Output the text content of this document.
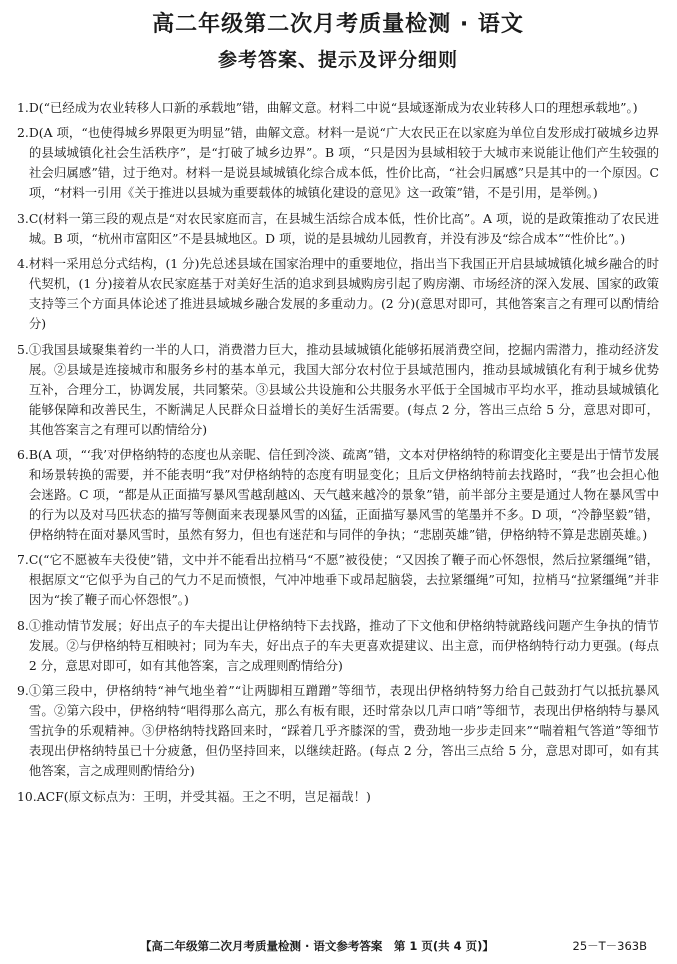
高二年级第二次月考质量检测 · 语文
参考答案、提示及评分细则
1. D(“已经成为农业转移人口新的承载地”错，曲解文意。材料二中说“县域逐渐成为农业转移人口的理想承载地”。)
2. D(A 项，“也使得城乡界限更为明显”错，曲解文意。材料一是说“广大农民正在以家庭为单位自发形成打破城乡边界的县域城镇化社会生活秩序”，是“打破了城乡边界”。B 项，“只是因为县域相较于大城市来说能让他们产生较强的社会归属感”错，过于绝对。材料一是说县域城镇化综合成本低，性价比高，“社会归属感”只是其中的一个原因。C 项，“材料一引用《关于推进以县城为重要载体的城镇化建设的意见》这一政策”错，不是引用，是举例。)
3. C(材料一第三段的观点是“对农民家庭而言，在县城生活综合成本低，性价比高”。A 项，说的是政策推动了农民进城。B 项，“杭州市富阳区”不是县城地区。D 项，说的是县城幼儿园教育，并没有涉及“综合成本”“性价比”。)
4. 材料一采用总分式结构，(1 分)先总述县域在国家治理中的重要地位，指出当下我国正开启县域城镇化城乡融合的时代契机，(1 分)接着从农民家庭基于对美好生活的追求到县城购房引起了购房潮、市场经济的深入发展、国家的政策支持等三个方面具体论述了推进县域城乡融合发展的多重动力。(2 分)(意思对即可，其他答案言之有理可以酌情给分)
5. ①我国县域聚集着约一半的人口，消费潜力巨大，推动县域城镇化能够拓展消费空间，挖掘内需潜力，推动经济发展。②县域是连接城市和服务乡村的基本单元，我国大部分农村位于县域范围内，推动县域城镇化有利于城乡优势互补，合理分工，协调发展，共同繁荣。③县域公共设施和公共服务水平低于全国城市平均水平，推动县域城镇化能够保障和改善民生，不断满足人民群众日益增长的美好生活需要。(每点 2 分，答出三点给 5 分，意思对即可，其他答案言之有理可以酌情给分)
6. B(A 项，“‘我’对伊格纳特的态度也从亲昵、信任到冷淡、疏离”错，文本对伊格纳特的称谓变化主要是出于情节发展和场景转换的需要，并不能表明“我”对伊格纳特的态度有明显变化；且后文伊格纳特前去找路时，“我”也会担心他会迷路。C 项，“都是从正面描写暴风雪越刮越凶、天气越来越冷的景象”错，前半部分主要是通过人物在暴风雪中的行为以及对马匹状态的描写等侧面来表现暴风雪的凶猛，正面描写暴风雪的笔墨并不多。D 项，“冷静坚毅”错，伊格纳特在面对暴风雪时，虽然有努力，但也有迷茫和与同伴的争执；“悲剧英雄”错，伊格纳特不算是悲剧英雄。)
7. C(“它不愿被车夫役使”错，文中并不能看出拉梢马“不愿”被役使；“又因挨了鞭子而心怀怨恨，然后拉紧缰绳”错，根据原文“它似乎为自己的气力不足而愤恨，气冲冲地垂下或昂起脑袋，去拉紧缰绳”可知，拉梢马“拉紧缰绳”并非因为“挨了鞭子而心怀怨恨”。)
8. ①推动情节发展；好出点子的车夫提出让伊格纳特下去找路，推动了下文他和伊格纳特就路线问题产生争执的情节发展。②与伊格纳特互相映衬；同为车夫，好出点子的车夫更喜欢提建议、出主意，而伊格纳特行动力更强。(每点 2 分，意思对即可，如有其他答案，言之成理则酌情给分)
9. ①第三段中，伊格纳特“神气地坐着”“让两脚相互蹭蹭”等细节，表现出伊格纳特努力给自己鼓劲打气以抵抗暴风雪。②第六段中，伊格纳特“唱得那么高亢，那么有板有眼，还时常杂以几声口哨”等细节，表现出伊格纳特与暴风雪抗争的乐观精神。③伊格纳特找路回来时，“踩着几乎齐膝深的雪，费劲地一步步走回来”“喘着粗气答道”等细节表现出伊格纳特虽已十分疲惫，但仍坚持回来，以继续赶路。(每点 2 分，答出三点给 5 分，意思对即可，如有其他答案，言之成理则酌情给分)
10. ACF(原文标点为：王明，并受其福。王之不明，岂足福哉！)
【高二年级第二次月考质量检测 · 语文参考答案　第 1 页(共 4 页)】	25－T－363B
